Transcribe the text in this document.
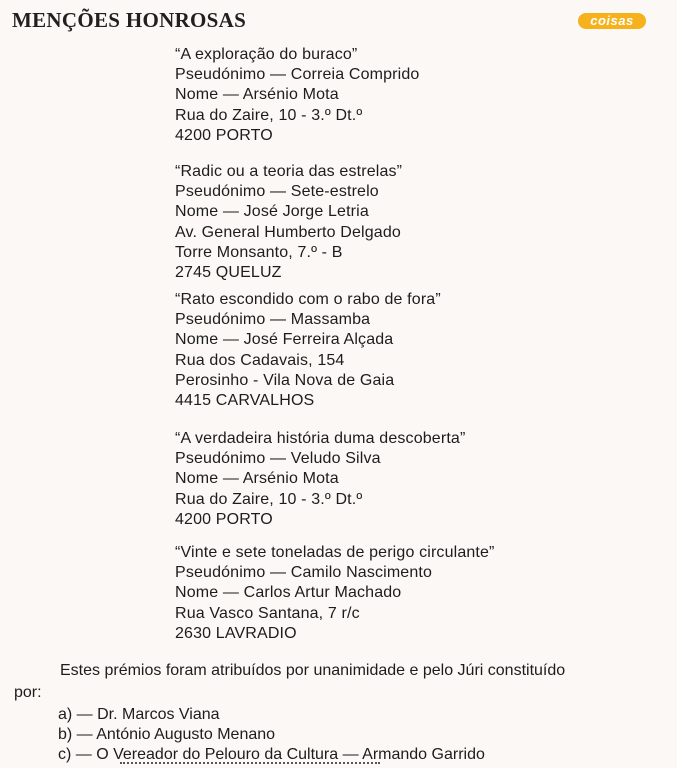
MENÇÕES HONROSAS	coisas
“A exploração do buraco”
Pseudónimo — Correia Comprido
Nome — Arsénio Mota
Rua do Zaire, 10 - 3.º Dt.º
4200 PORTO
“Radic ou a teoria das estrelas”
Pseudónimo — Sete-estrelo
Nome — José Jorge Letria
Av. General Humberto Delgado
Torre Monsanto, 7.º - B
2745 QUELUZ
“Rato escondido com o rabo de fora”
Pseudónimo — Massamba
Nome — José Ferreira Alçada
Rua dos Cadavais, 154
Perosinho - Vila Nova de Gaia
4415 CARVALHOS
“A verdadeira história duma descoberta”
Pseudónimo — Veludo Silva
Nome — Arsénio Mota
Rua do Zaire, 10 - 3.º Dt.º
4200 PORTO
“Vinte e sete toneladas de perigo circulante”
Pseudónimo — Camilo Nascimento
Nome — Carlos Artur Machado
Rua Vasco Santana, 7 r/c
2630 LAVRADIO
Estes prémios foram atribuídos por unanimidade e pelo Júri constituído
por:
a) — Dr. Marcos Viana
b) — António Augusto Menano
c) — O Vereador do Pelouro da Cultura — Armando Garrido
